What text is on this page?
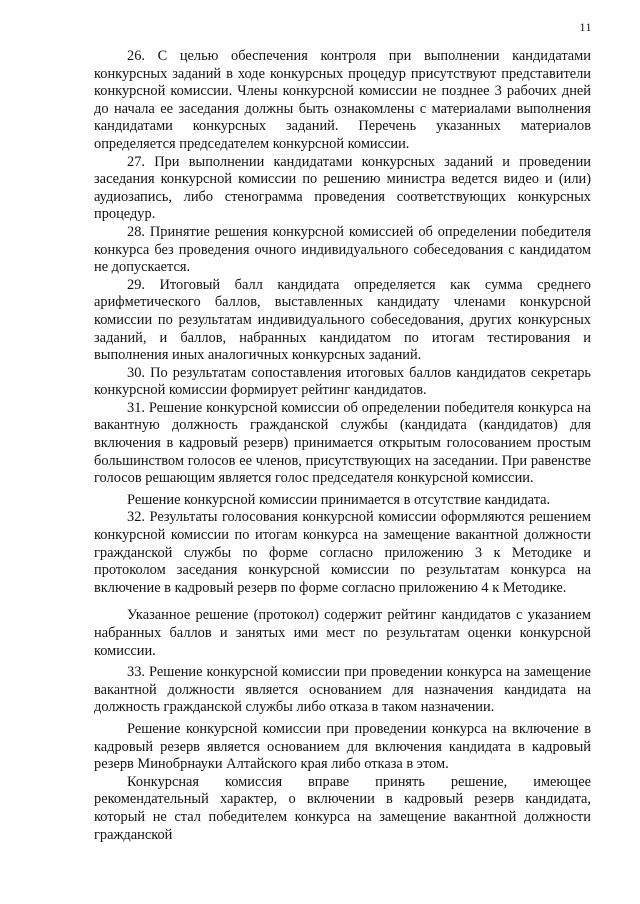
11

26. С целью обеспечения контроля при выполнении кандидатами конкурсных заданий в ходе конкурсных процедур присутствуют представители конкурсной комиссии. Члены конкурсной комиссии не позднее 3 рабочих дней до начала ее заседания должны быть ознакомлены с материалами выполнения кандидатами конкурсных заданий. Перечень указанных материалов определяется председателем конкурсной комиссии.

27. При выполнении кандидатами конкурсных заданий и проведении заседания конкурсной комиссии по решению министра ведется видео и (или) аудиозапись, либо стенограмма проведения соответствующих конкурсных процедур.

28. Принятие решения конкурсной комиссией об определении победителя конкурса без проведения очного индивидуального собеседования с кандидатом не допускается.

29. Итоговый балл кандидата определяется как сумма среднего арифметического баллов, выставленных кандидату членами конкурсной комиссии по результатам индивидуального собеседования, других конкурсных заданий, и баллов, набранных кандидатом по итогам тестирования и выполнения иных аналогичных конкурсных заданий.

30. По результатам сопоставления итоговых баллов кандидатов секретарь конкурсной комиссии формирует рейтинг кандидатов.

31. Решение конкурсной комиссии об определении победителя конкурса на вакантную должность гражданской службы (кандидата (кандидатов) для включения в кадровый резерв) принимается открытым голосованием простым большинством голосов ее членов, присутствующих на заседании. При равенстве голосов решающим является голос председателя конкурсной комиссии.

Решение конкурсной комиссии принимается в отсутствие кандидата.

32. Результаты голосования конкурсной комиссии оформляются решением конкурсной комиссии по итогам конкурса на замещение вакантной должности гражданской службы по форме согласно приложению 3 к Методике и протоколом заседания конкурсной комиссии по результатам конкурса на включение в кадровый резерв по форме согласно приложению 4 к Методике.

Указанное решение (протокол) содержит рейтинг кандидатов с указанием набранных баллов и занятых ими мест по результатам оценки конкурсной комиссии.

33. Решение конкурсной комиссии при проведении конкурса на замещение вакантной должности является основанием для назначения кандидата на должность гражданской службы либо отказа в таком назначении.

Решение конкурсной комиссии при проведении конкурса на включение в кадровый резерв является основанием для включения кандидата в кадровый резерв Минобрнауки Алтайского края либо отказа в этом.

Конкурсная комиссия вправе принять решение, имеющее рекомендательный характер, о включении в кадровый резерв кандидата, который не стал победителем конкурса на замещение вакантной должности гражданской
